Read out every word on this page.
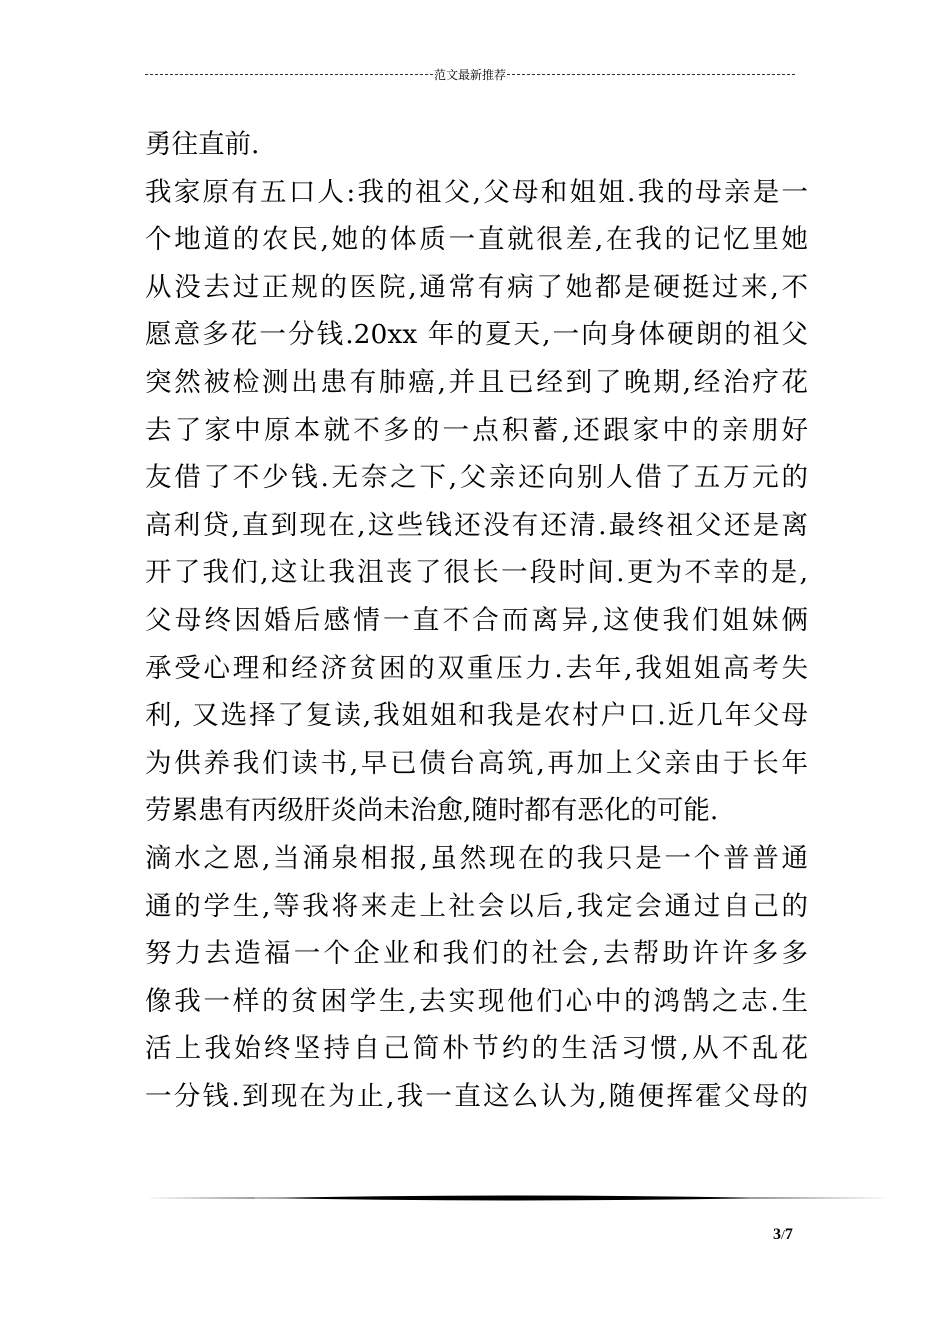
范文最新推荐
勇往直前.
我家原有五口人:我的祖父,父母和姐姐.我的母亲是一
个地道的农民,她的体质一直就很差,在我的记忆里她
从没去过正规的医院,通常有病了她都是硬挺过来,不
愿意多花一分钱.20xx 年的夏天,一向身体硬朗的祖父
突然被检测出患有肺癌,并且已经到了晚期,经治疗花
去了家中原本就不多的一点积蓄,还跟家中的亲朋好
友借了不少钱.无奈之下,父亲还向别人借了五万元的
高利贷,直到现在,这些钱还没有还清.最终祖父还是离
开了我们,这让我沮丧了很长一段时间.更为不幸的是,
父母终因婚后感情一直不合而离异,这使我们姐妹俩
承受心理和经济贫困的双重压力.去年,我姐姐高考失
利, 又选择了复读,我姐姐和我是农村户口.近几年父母
为供养我们读书,早已债台高筑,再加上父亲由于长年
劳累患有丙级肝炎尚未治愈,随时都有恶化的可能.
滴水之恩,当涌泉相报,虽然现在的我只是一个普普通
通的学生,等我将来走上社会以后,我定会通过自己的
努力去造福一个企业和我们的社会,去帮助许许多多
像我一样的贫困学生,去实现他们心中的鸿鹄之志.生
活上我始终坚持自己简朴节约的生活习惯,从不乱花
一分钱.到现在为止,我一直这么认为,随便挥霍父母的
3/7
